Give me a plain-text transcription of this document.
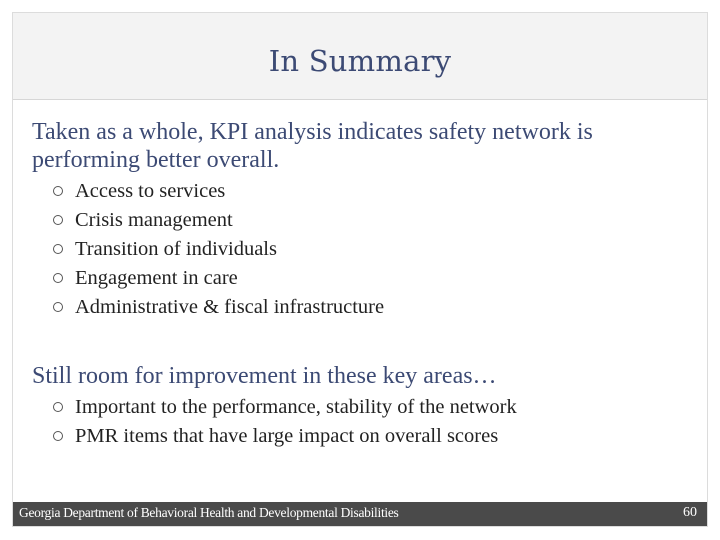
In Summary
Taken as a whole, KPI analysis indicates safety network is performing better overall.
Access to services
Crisis management
Transition of individuals
Engagement in care
Administrative & fiscal infrastructure
Still room for improvement in these key areas…
Important to the performance, stability of the network
PMR items that have large impact on overall scores
Georgia Department of Behavioral Health and Developmental Disabilities	60
